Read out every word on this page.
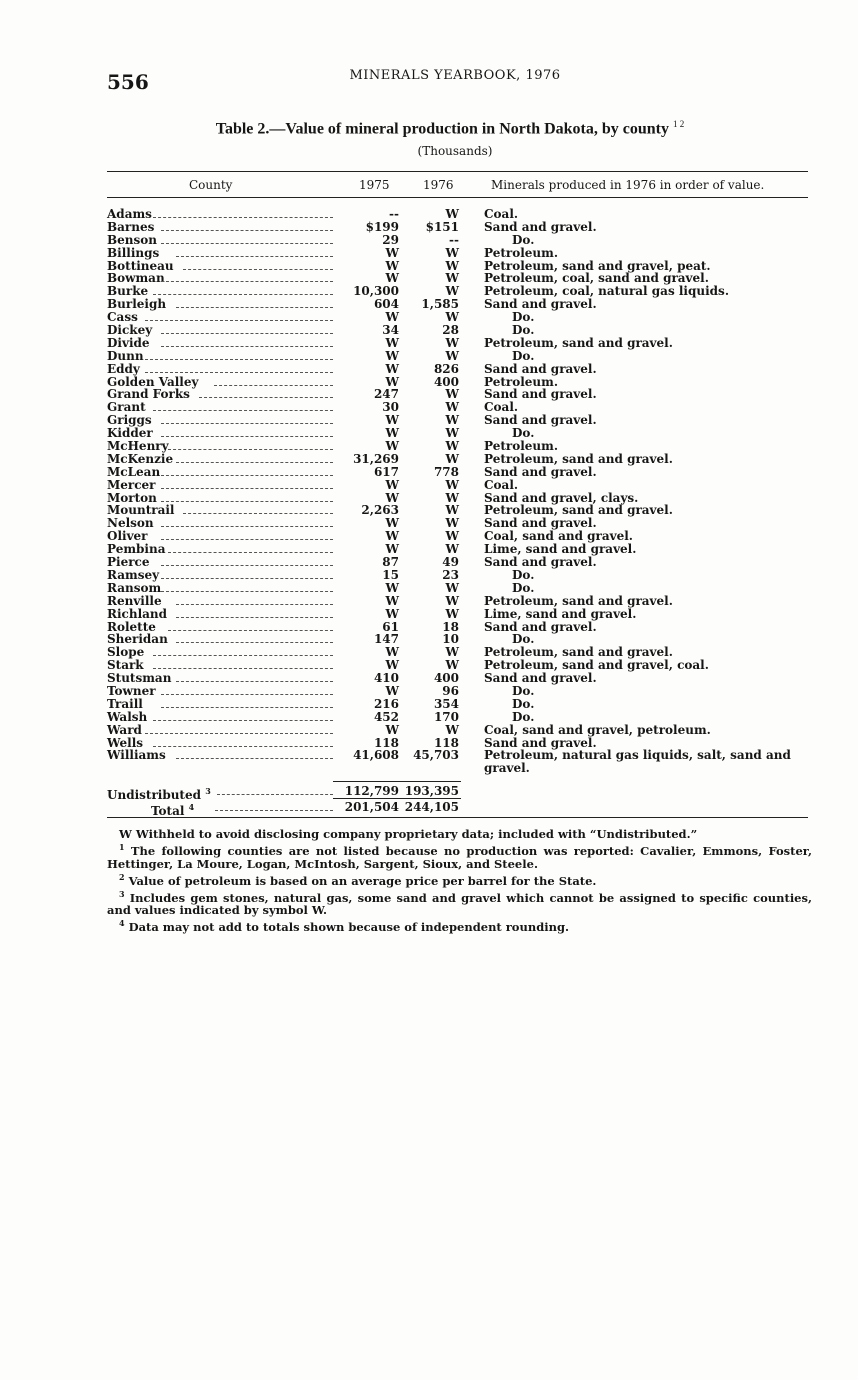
556	MINERALS YEARBOOK, 1976
Table 2.—Value of mineral production in North Dakota, by county $^{1 2}$
(Thousands)
County	1975	1976	Minerals produced in 1976 in order of value.
Adams	--	W Coal.
Barnes	$199 $151 Sand and gravel.
Benson	29	--	Do.
Billings	W	W Petroleum.
Bottineau	W	W Petroleum, sand and gravel, peat.
Bowman	W	W Petroleum, coal, sand and gravel.
Burke	10,300	W Petroleum, coal, natural gas liquids.
Burleigh	604 1,585 Sand and gravel.
Cass	W	W	Do.
Dickey	34	28	Do.
Divide	W	W Petroleum, sand and gravel.
Dunn	W	W	Do.
Eddy	W	826 Sand and gravel.
Golden Valley	W	400 Petroleum.
Grand Forks	247	W Sand and gravel.
Grant	30	W Coal.
Griggs	W	W Sand and gravel.
Kidder	W	W	Do.
McHenry	W	W Petroleum.
McKenzie	31,269	W Petroleum, sand and gravel.
McLean	617	778 Sand and gravel.
Mercer	W	W Coal.
Morton	W	W Sand and gravel, clays.
Mountrail	2,263	W Petroleum, sand and gravel.
Nelson	W	W Sand and gravel.
Oliver	W	W Coal, sand and gravel.
Pembina	W	W Lime, sand and gravel.
Pierce	87	49 Sand and gravel.
Ramsey	15	23	Do.
Ransom	W	W	Do.
Renville	W	W Petroleum, sand and gravel.
Richland	W	W Lime, sand and gravel.
Rolette	61	18 Sand and gravel.
Sheridan	147	10	Do.
Slope	W	W Petroleum, sand and gravel.
Stark	W	W Petroleum, sand and gravel, coal.
Stutsman	410	400 Sand and gravel.
Towner	W	96	Do.
Traill	216	354	Do.
Walsh	452	170	Do.
Ward	W	W Coal, sand and gravel, petroleum.
Wells	118	118 Sand and gravel.
Williams	41,608 45,703 Petroleum, natural gas liquids, salt, sand and gravel.
Undistributed $^3$	112,799 193,395
Total $^4$	201,504 244,105

W Withheld to avoid disclosing company proprietary data; included with “Undistributed.”

$^1$ The following counties are not listed because no production was reported: Cavalier, Emmons, Foster, Hettinger, La Moure, Logan, McIntosh, Sargent, Sioux, and Steele.

$^2$ Value of petroleum is based on an average price per barrel for the State.

$^3$ Includes gem stones, natural gas, some sand and gravel which cannot be assigned to specific counties, and values indicated by symbol W.

$^4$ Data may not add to totals shown because of independent rounding.
